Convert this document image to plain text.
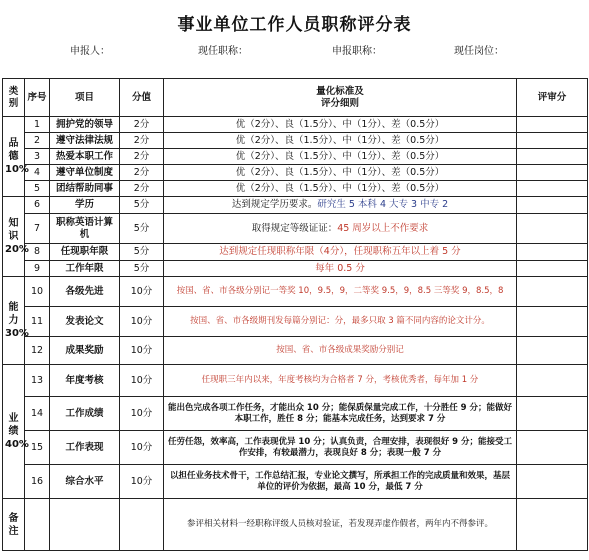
事业单位工作人员职称评分表
申报人：	现任职称：	申报职称：	现任岗位：
类别	序号	项目	分值	量化标准及
评分细则	评审分
品德10%	1	拥护党的领导	2分	优（2分）、良（1.5分）、中（1分）、差（0.5分）	
	2	遵守法律法规	2分	优（2分）、良（1.5分）、中（1分）、差（0.5分）	
	3	热爱本职工作	2分	优（2分）、良（1.5分）、中（1分）、差（0.5分）	
	4	遵守单位制度	2分	优（2分）、良（1.5分）、中（1分）、差（0.5分）	
	5	团结帮助同事	2分	优（2分）、良（1.5分）、中（1分）、差（0.5分）	
知识20%	6	学历	5分	达到规定学历要求。研究生 5 本科 4 大专 3 中专 2	
	7	职称英语计算机	5分	取得规定等级证证：45 周岁以上不作要求	
	8	任现职年限	5分	达到规定任现职称年限（4分），任现职称五年以上着 5 分	
	9	工作年限	5分	每年 0.5 分	
能力30%	10	各级先进	10分	按国、省、市各级分别记一等奖 10，9.5，9，二等奖 9.5，9，8.5 三等奖 9，8.5，8	
	11	发表论文	10分	按国、省、市各级期刊发每篇分别记：分，最多只取 3 篇不同内容的论文计分。	
	12	成果奖励	10分	按国、省、市各级成果奖励分别记	
业绩40%	13	年度考核	10分	任现职三年内以来，年度考核均为合格者 7 分，考核优秀者，每年加 1 分	
	14	工作成绩	10分	能出色完成各项工作任务，才能出众 10 分；能保质保量完成工作，十分胜任 9 分；能做好本职工作，胜任 8 分；能基本完成任务，达到要求 7 分	
	15	工作表现	10分	任劳任怨，效率高，工作表现优异 10 分；认真负责，合理安排，表现很好 9 分；能接受工作安排，有较最潜力，表现良好 8 分；表现一般 7 分	
	16	综合水平	10分	以担任业务技术骨干，工作总结汇报，专业论文撰写，所承担工作的完成质量和效果，基层单位的评价为依据，最高 10 分，最低 7 分	
备注				参评相关材料一经职称评级人员核对验证，若发现弄虚作假者，两年内不得参评。	
